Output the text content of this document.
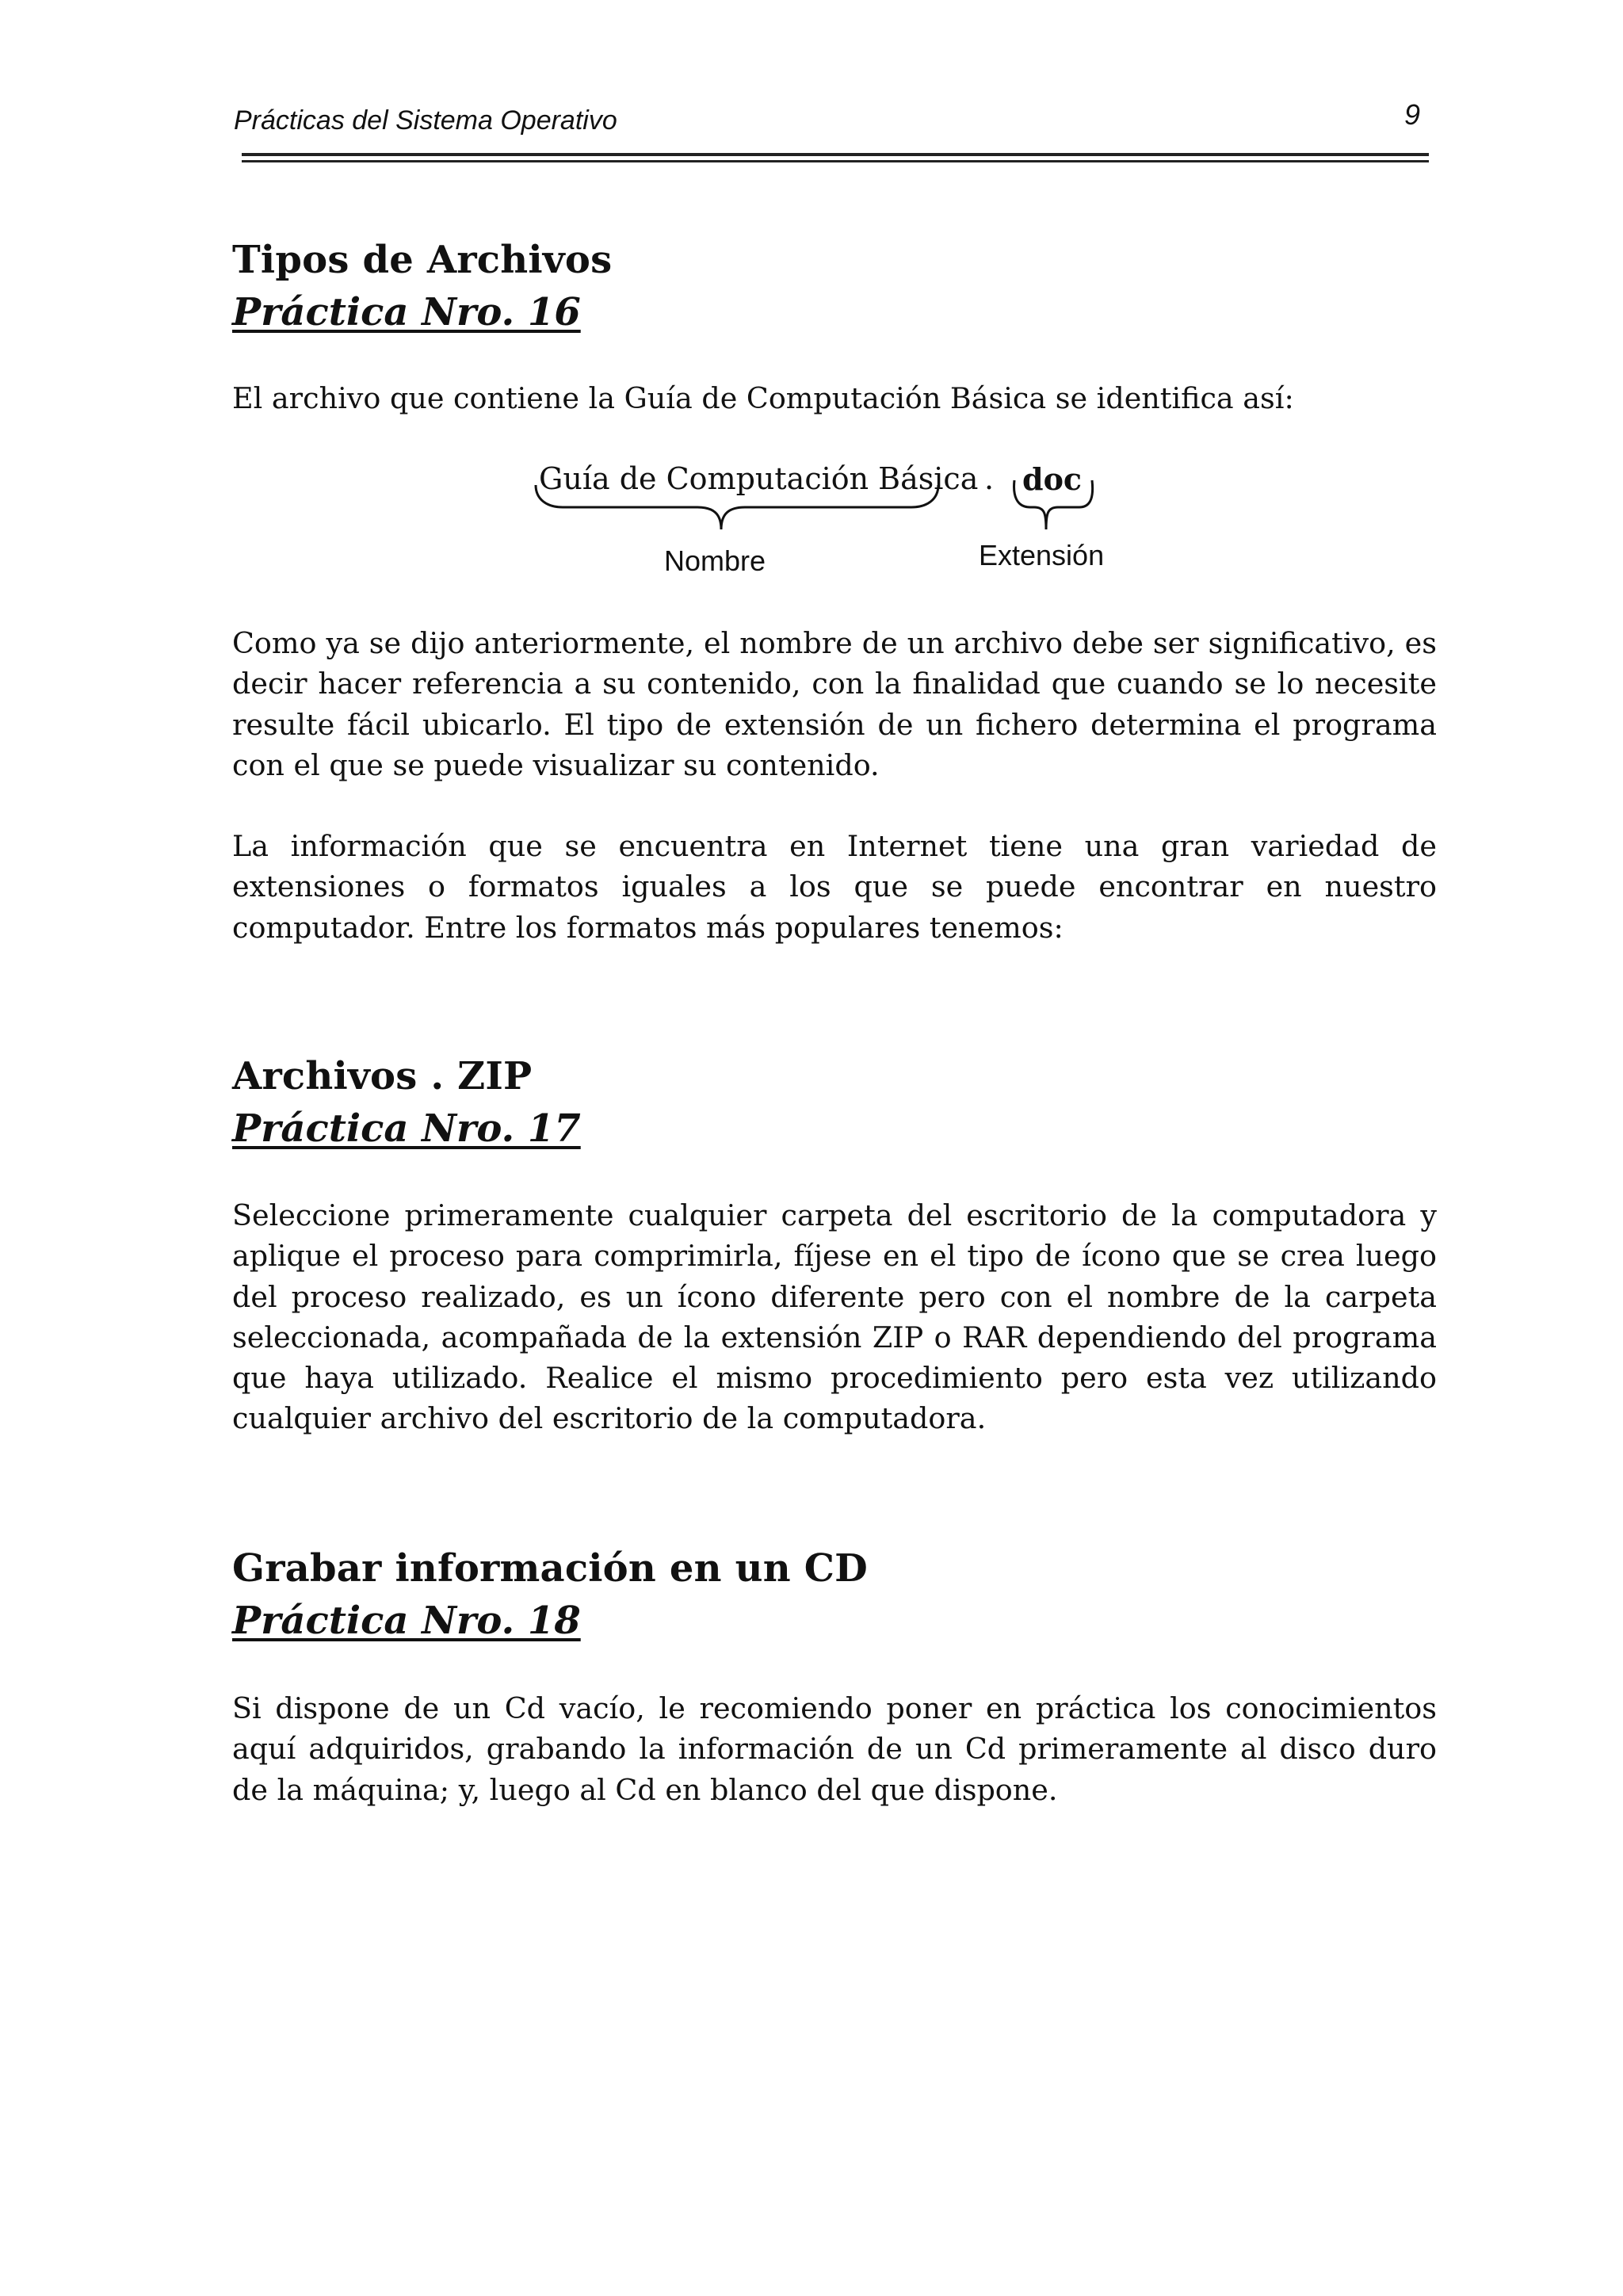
Prácticas del Sistema Operativo	9
Tipos de Archivos
Práctica Nro. 16

El archivo que contiene la Guía de Computación Básica se identifica así:

Guía de Computación Básica . doc
Nombre	Extensión

Como ya se dijo anteriormente, el nombre de un archivo debe ser significativo, es decir hacer referencia a su contenido, con la finalidad que cuando se lo necesite resulte fácil ubicarlo. El tipo de extensión de un fichero determina el programa con el que se puede visualizar su contenido.

La información que se encuentra en Internet tiene una gran variedad de extensiones o formatos iguales a los que se puede encontrar en nuestro computador. Entre los formatos más populares tenemos:

Archivos . ZIP
Práctica Nro. 17

Seleccione primeramente cualquier carpeta del escritorio de la computadora y aplique el proceso para comprimirla, fíjese en el tipo de ícono que se crea luego del proceso realizado, es un ícono diferente pero con el nombre de la carpeta seleccionada, acompañada de la extensión ZIP o RAR dependiendo del programa que haya utilizado. Realice el mismo procedimiento pero esta vez utilizando cualquier archivo del escritorio de la computadora.

Grabar información en un CD
Práctica Nro. 18

Si dispone de un Cd vacío, le recomiendo poner en práctica los conocimientos aquí adquiridos, grabando la información de un Cd primeramente al disco duro de la máquina; y, luego al Cd en blanco del que dispone.
